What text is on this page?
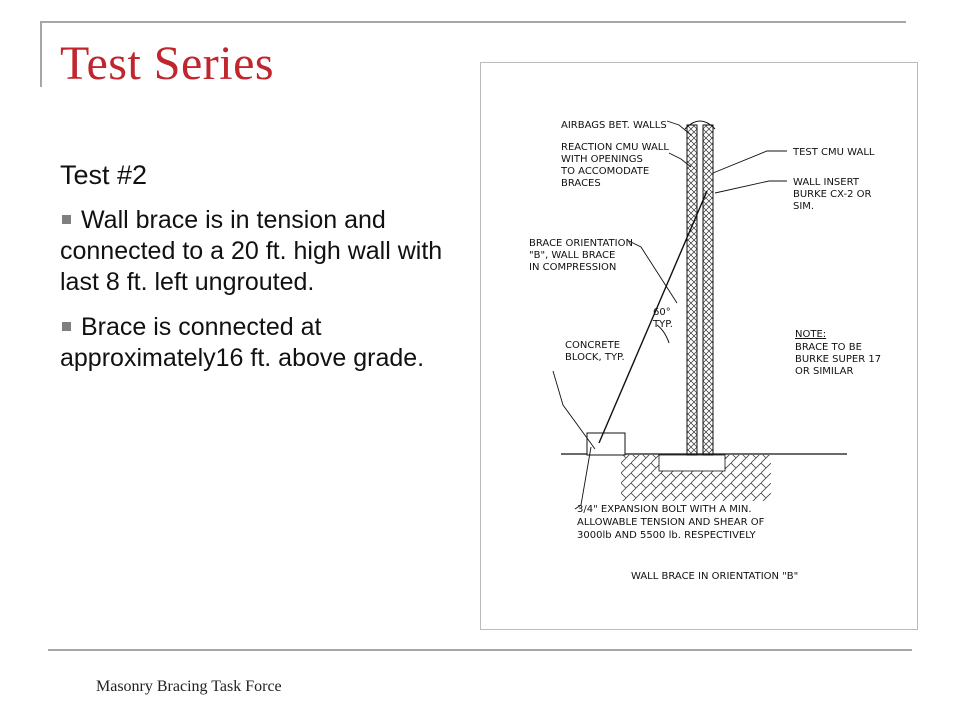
Test Series
Test #2
Wall brace is in tension and connected to a 20 ft. high wall with last 8 ft. left ungrouted.
Brace is connected at approximately16 ft. above grade.
AIRBAGS BET. WALLS
REACTION CMU WALL
WITH OPENINGS
TO ACCOMODATE
BRACES
TEST CMU WALL
WALL INSERT
BURKE CX-2 OR
SIM.
BRACE ORIENTATION
"B", WALL BRACE
IN COMPRESSION
60°
TYP.
CONCRETE
BLOCK, TYP.
NOTE:
BRACE TO BE
BURKE SUPER 17
OR SIMILAR
3/4" EXPANSION BOLT WITH A MIN.
ALLOWABLE TENSION AND SHEAR OF
3000lb AND 5500 lb. RESPECTIVELY
WALL BRACE IN ORIENTATION "B"
Masonry Bracing Task Force
